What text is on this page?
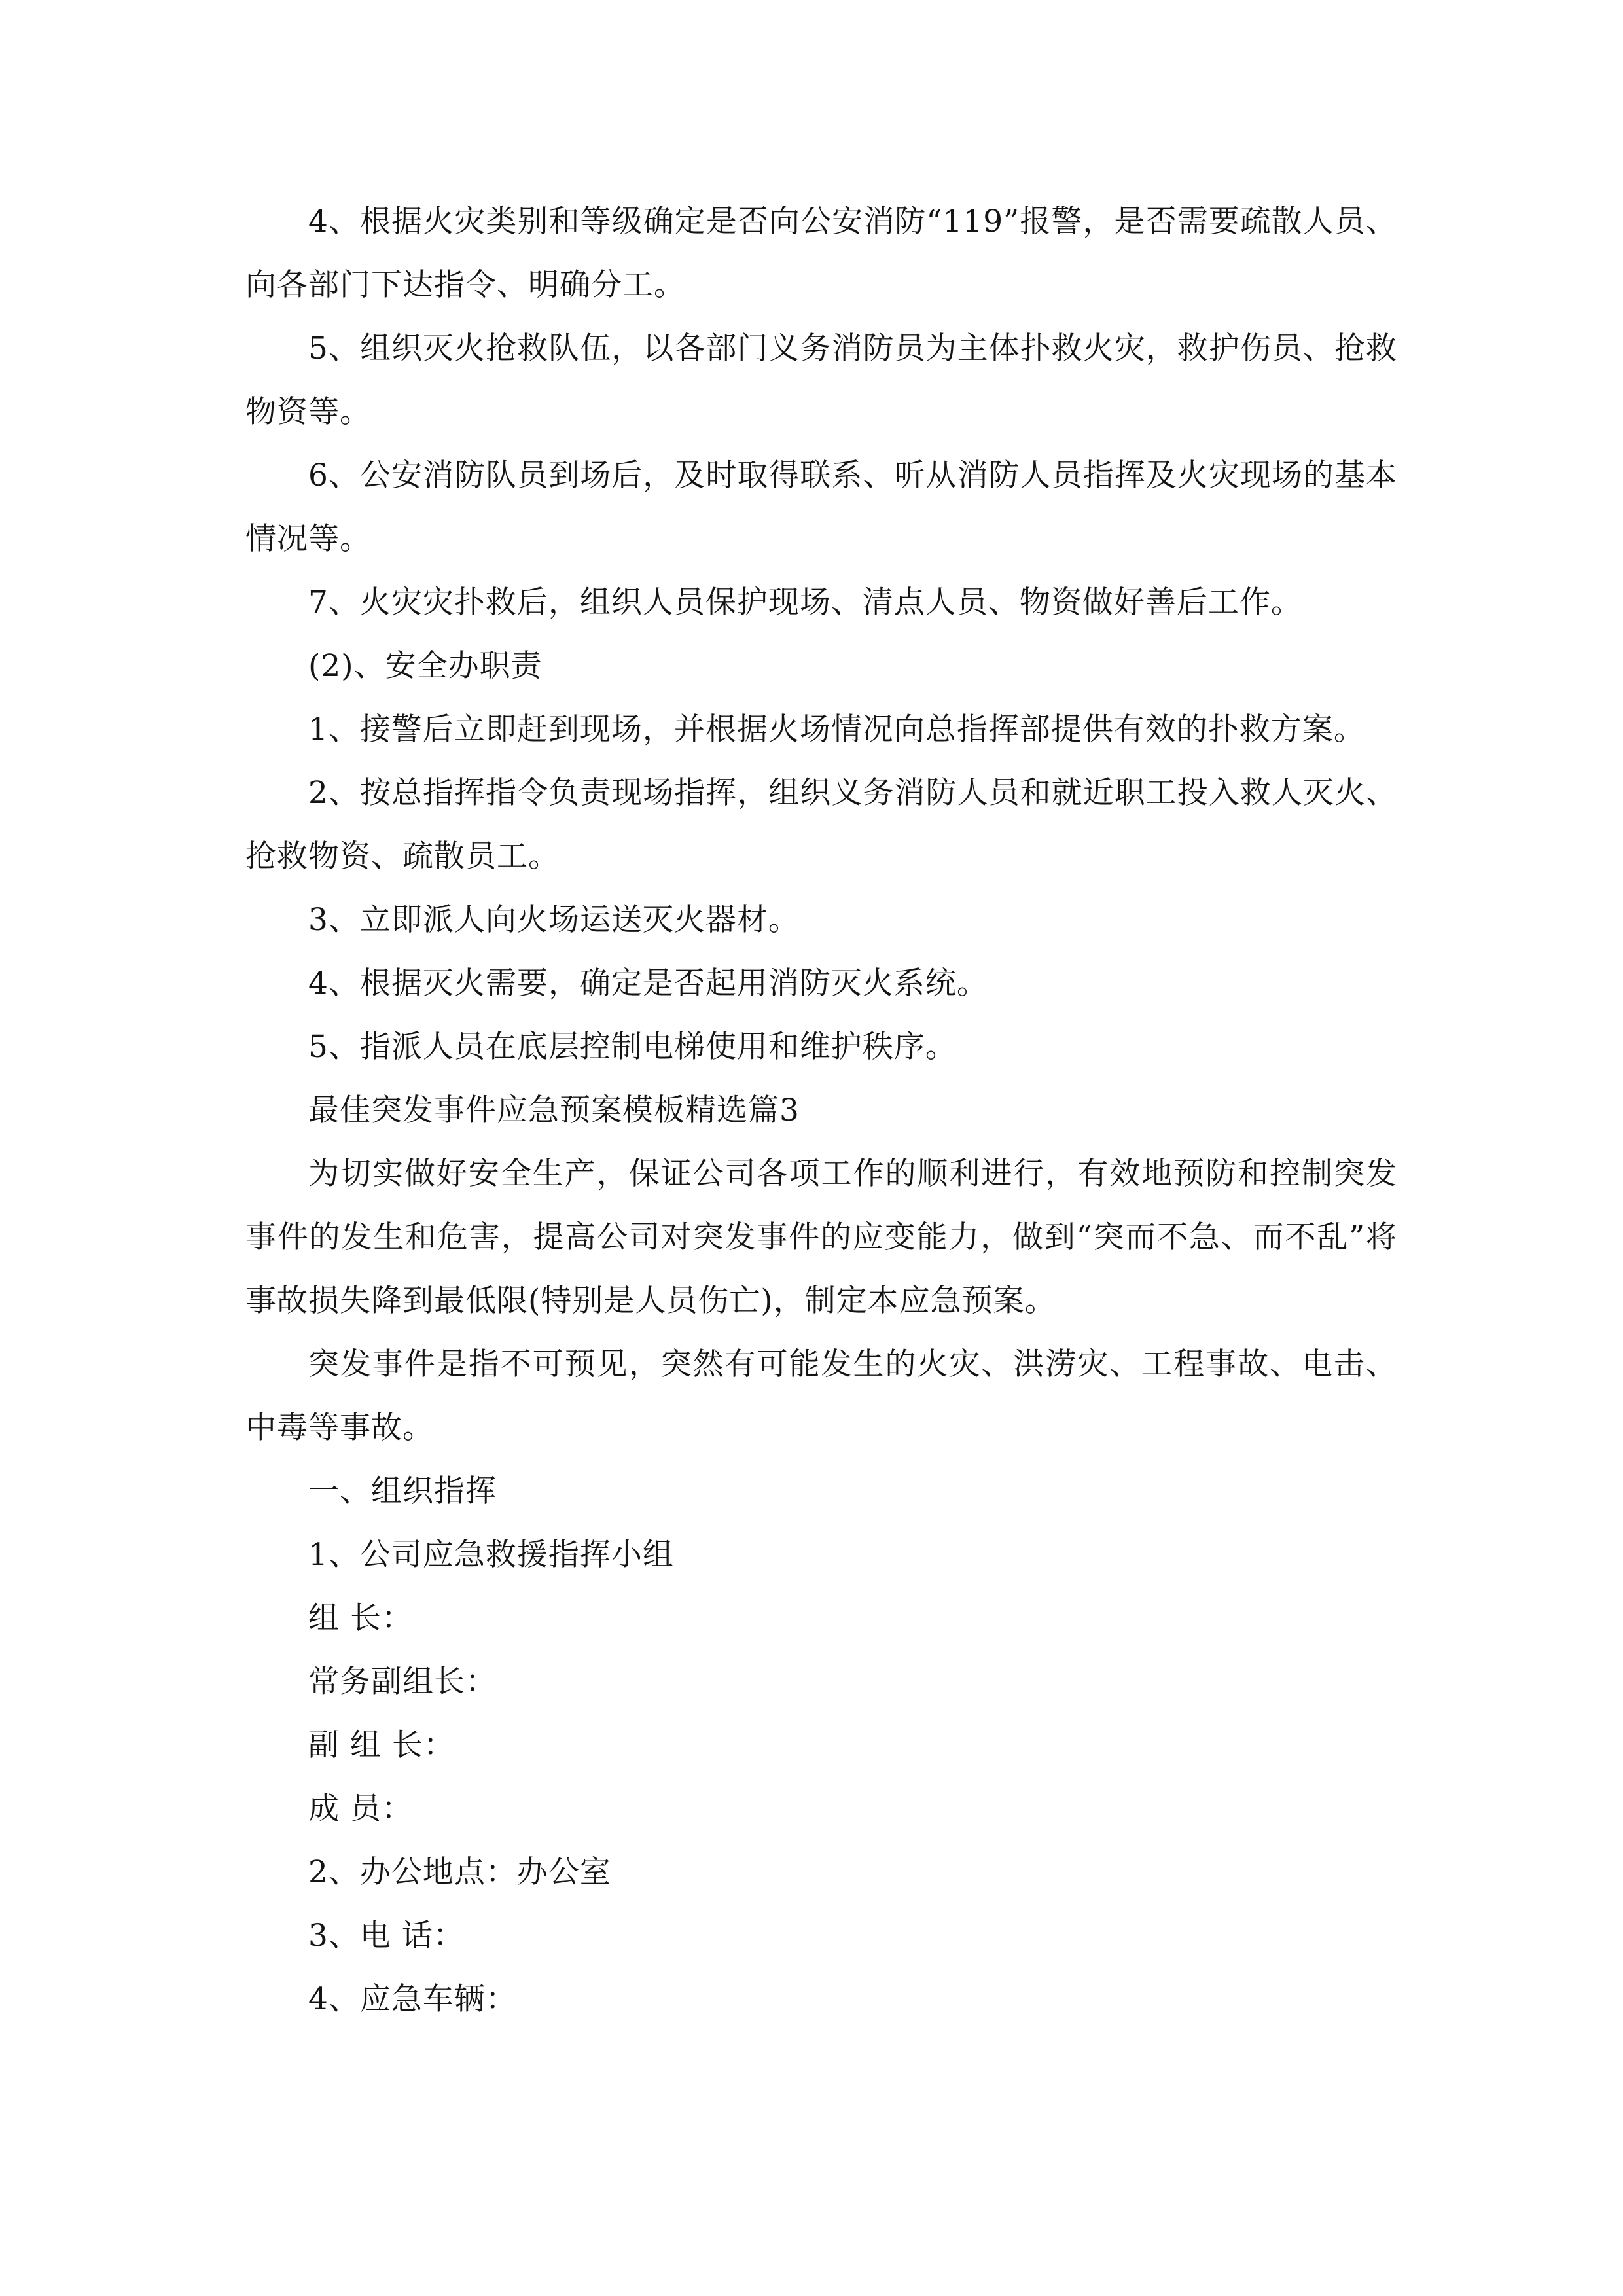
4、根据火灾类别和等级确定是否向公安消防“119”报警，是否需要疏散人员、向各部门下达指令、明确分工。

5、组织灭火抢救队伍，以各部门义务消防员为主体扑救火灾，救护伤员、抢救物资等。

6、公安消防队员到场后，及时取得联系、听从消防人员指挥及火灾现场的基本情况等。

7、火灾灾扑救后，组织人员保护现场、清点人员、物资做好善后工作。

(2)、安全办职责

1、接警后立即赶到现场，并根据火场情况向总指挥部提供有效的扑救方案。

2、按总指挥指令负责现场指挥，组织义务消防人员和就近职工投入救人灭火、抢救物资、疏散员工。

3、立即派人向火场运送灭火器材。

4、根据灭火需要，确定是否起用消防灭火系统。

5、指派人员在底层控制电梯使用和维护秩序。

最佳突发事件应急预案模板精选篇3

为切实做好安全生产，保证公司各项工作的顺利进行，有效地预防和控制突发事件的发生和危害，提高公司对突发事件的应变能力，做到“突而不急、而不乱”将事故损失降到最低限(特别是人员伤亡)，制定本应急预案。

突发事件是指不可预见，突然有可能发生的火灾、洪涝灾、工程事故、电击、中毒等事故。

一、组织指挥

1、公司应急救援指挥小组

组 长：

常务副组长：

副 组 长：

成 员：

2、办公地点：办公室

3、电 话：

4、应急车辆：
